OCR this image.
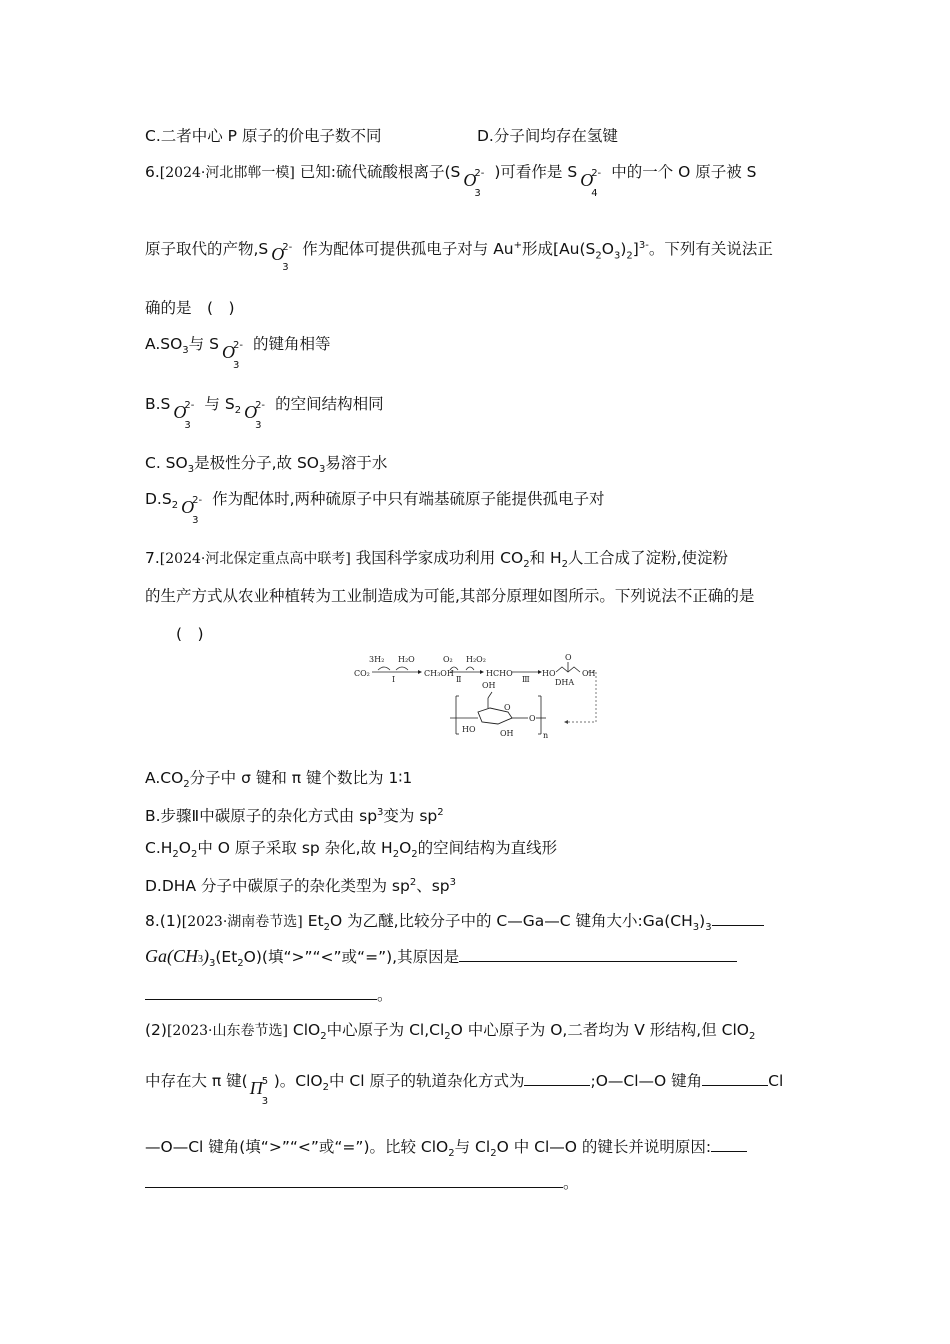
C.二者中心 P 原子的价电子数不同	D.分子间均存在氢键
6.[2024·河北邯郸一模] 已知:硫代硫酸根离子(S O
3
2- )可看作是 S O
4
2- 中的一个 O 原子被 S
原子取代的产物,S O
3
2- 作为配体可提供孤电子对与 Au+形成$[Au(S_2O_3)_2]^{3-}$。下列有关说法正
确的是　(　)
$A.SO_3$与 S O
3
2- 的键角相等
B.S O
3
2- 与 $S_2$ O
3
2- 的空间结构相同
C. $SO_3$是极性分子,故 $SO_3$易溶于水
$D.S_2$ O
3
2- 作为配体时,两种硫原子中只有端基硫原子能提供孤电子对
7.[2024·河北保定重点高中联考] 我国科学家成功利用 $CO_2$和 $H_2$人工合成了淀粉,使淀粉
的生产方式从农业种植转为工业制造成为可能,其部分原理如图所示。下列说法不正确的是
(　)
CO₂
3H₂ H₂O
Ⅰ
CH₃OH
O₂ H₂O₂
Ⅱ
HCHO
Ⅲ
HO
O
OH
DHA
n
OH
O
HO	OH
O
$A.CO_2$分子中 σ 键和 π 键个数比为 1∶1
B.步骤Ⅱ中碳原子的杂化方式由 $sp^3$变为 $sp^2$
$C.H_2O_2$中 O 原子采取 sp 杂化,故 $H_2O_2$的空间结构为直线形
D.DHA 分子中碳原子的杂化类型为 $sp^2$、$sp^3$
8.(1)[2023·湖南卷节选] $Et_2O$ 为乙醚,比较分子中的 C—Ga—C 键角大小$:Ga(CH_3)_3$
$Ga(CH3)_3(Et_2O)$(填“>”“<”或“=”),其原因是
。
(2)[2023·山东卷节选] ClO$_2$中心原子为 $Cl,Cl_2O$ 中心原子为 O,二者均为 V 形结构,但 ClO$_2$
中存在大 π 键( Π
3
5 )。ClO$_2$中 Cl 原子的轨道杂化方式为	;O—Cl—O 键角	Cl
—O—Cl 键角(填“>”“<”或“=”)。比较 ClO$_2$与 $Cl_2O$ 中 Cl—O 的键长并说明原因:
。
